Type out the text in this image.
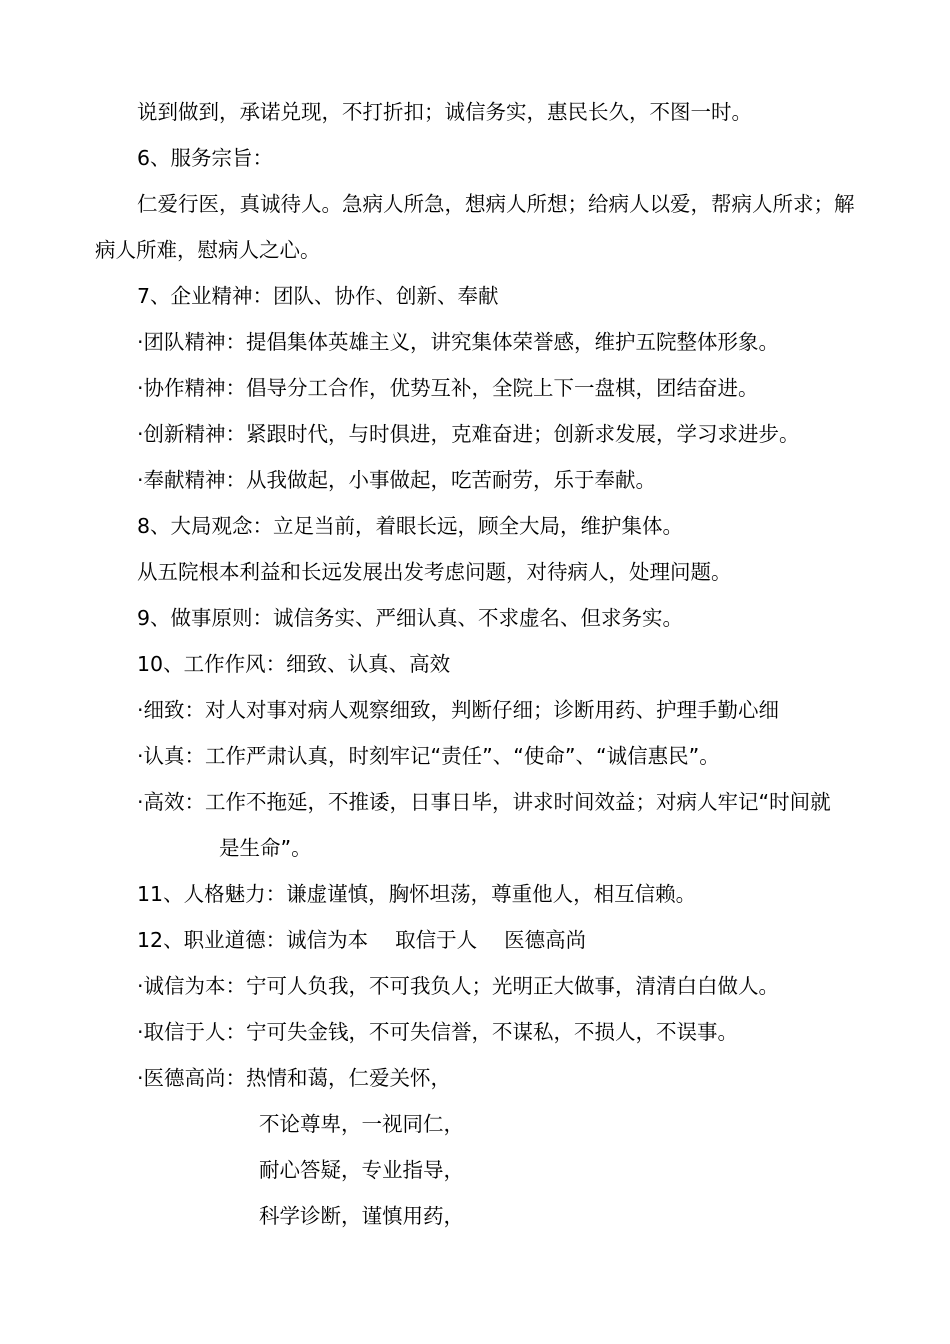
说到做到，承诺兑现，不打折扣；诚信务实，惠民长久，不图一时。
6、服务宗旨：
仁爱行医，真诚待人。急病人所急，想病人所想；给病人以爱，帮病人所求；解
病人所难，慰病人之心。
7、企业精神：团队、协作、创新、奉献
·团队精神：提倡集体英雄主义，讲究集体荣誉感，维护五院整体形象。
·协作精神：倡导分工合作，优势互补，全院上下一盘棋，团结奋进。
·创新精神：紧跟时代，与时俱进，克难奋进；创新求发展，学习求进步。
·奉献精神：从我做起，小事做起，吃苦耐劳，乐于奉献。
8、大局观念：立足当前，着眼长远，顾全大局，维护集体。
从五院根本利益和长远发展出发考虑问题，对待病人，处理问题。
9、做事原则：诚信务实、严细认真、不求虚名、但求务实。
10、工作作风：细致、认真、高效
·细致：对人对事对病人观察细致，判断仔细；诊断用药、护理手勤心细
·认真：工作严肃认真，时刻牢记“责任”、“使命”、“诚信惠民”。
·高效：工作不拖延，不推诿，日事日毕，讲求时间效益；对病人牢记“时间就
是生命”。
11、人格魅力：谦虚谨慎，胸怀坦荡，尊重他人，相互信赖。
12、职业道德：诚信为本　 取信于人　 医德高尚
·诚信为本：宁可人负我，不可我负人；光明正大做事，清清白白做人。
·取信于人：宁可失金钱，不可失信誉，不谋私，不损人，不误事。
·医德高尚：热情和蔼，仁爱关怀，
不论尊卑，一视同仁，
耐心答疑，专业指导，
科学诊断，谨慎用药，
